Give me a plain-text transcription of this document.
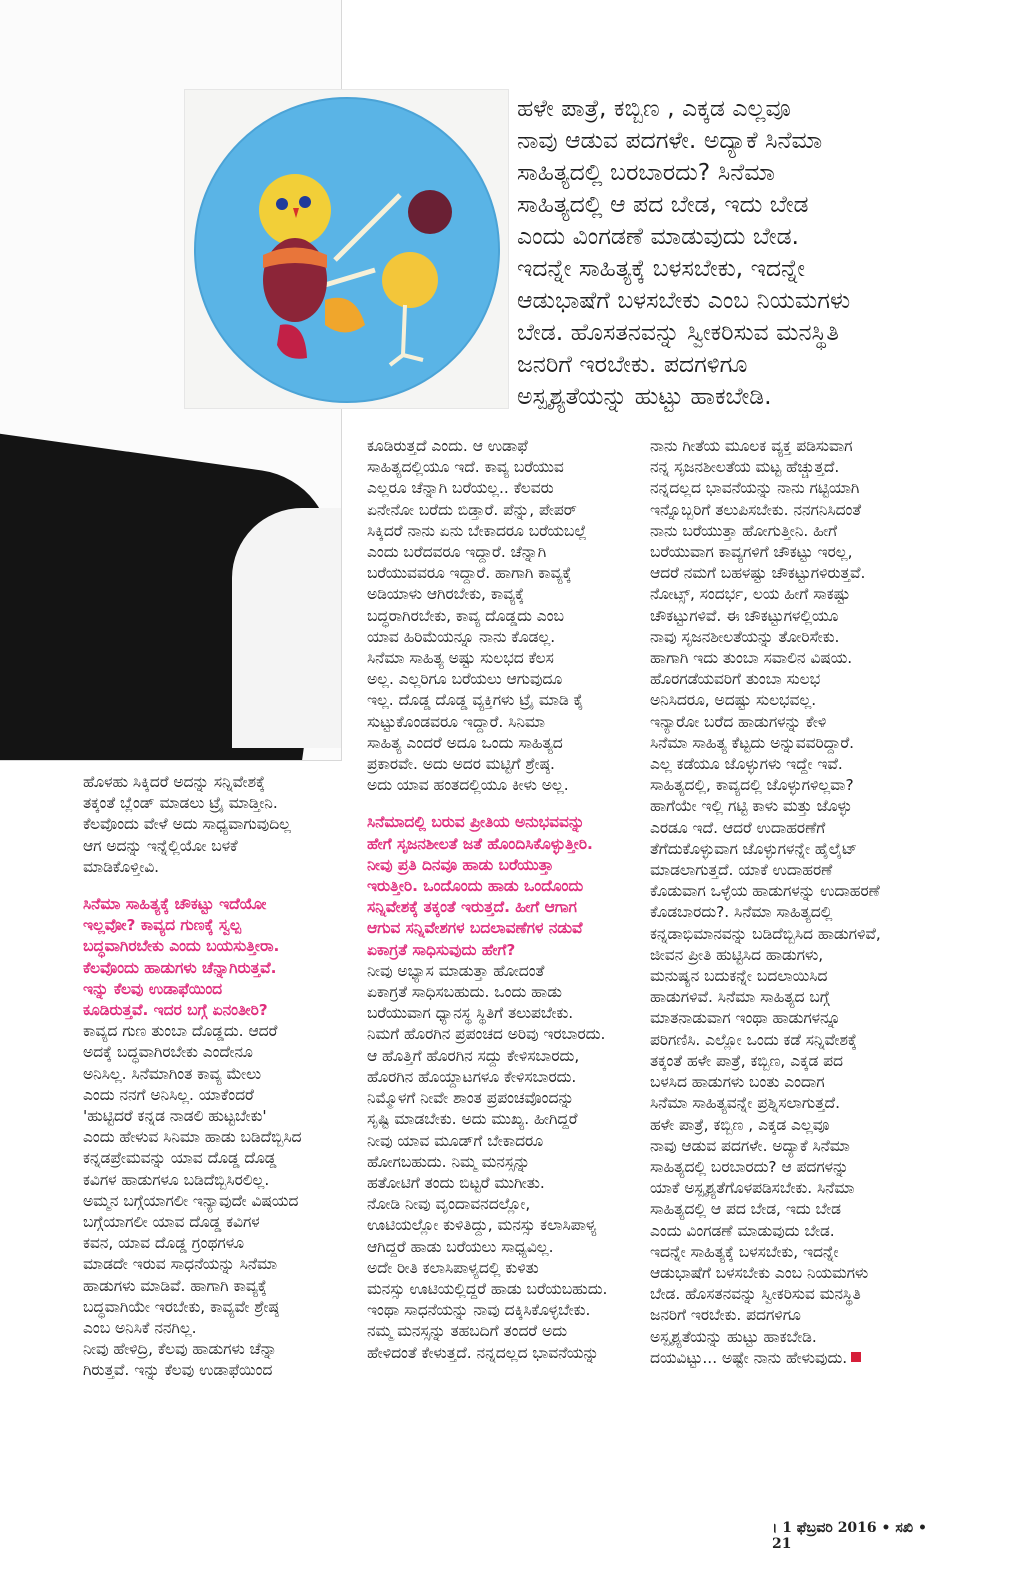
ಹಳೇ ಪಾತ್ರೆ, ಕಬ್ಬಿಣ , ಎಕ್ಕಡ ಎಲ್ಲವೂ
ನಾವು ಆಡುವ ಪದಗಳೇ. ಅದ್ಯಾಕೆ ಸಿನೆಮಾ
ಸಾಹಿತ್ಯದಲ್ಲಿ ಬರಬಾರದು? ಸಿನೆಮಾ
ಸಾಹಿತ್ಯದಲ್ಲಿ ಆ ಪದ ಬೇಡ, ಇದು ಬೇಡ
ಎಂದು ವಿಂಗಡಣೆ ಮಾಡುವುದು ಬೇಡ.
ಇದನ್ನೇ ಸಾಹಿತ್ಯಕ್ಕೆ ಬಳಸಬೇಕು, ಇದನ್ನೇ
ಆಡುಭಾಷೆಗೆ ಬಳಸಬೇಕು ಎಂಬ ನಿಯಮಗಳು
ಬೇಡ. ಹೊಸತನವನ್ನು ಸ್ವೀಕರಿಸುವ ಮನಸ್ಥಿತಿ
ಜನರಿಗೆ ಇರಬೇಕು. ಪದಗಳಿಗೂ
ಅಸ್ಪೃಶ್ಯತೆಯನ್ನು ಹುಟ್ಟು ಹಾಕಬೇಡಿ.

ಹೊಳಹು ಸಿಕ್ಕಿದರೆ ಅದನ್ನು ಸನ್ನಿವೇಶಕ್ಕೆ
ತಕ್ಕಂತೆ ಬ್ಲೆಂಡ್ ಮಾಡಲು ಟ್ರೈ ಮಾಡ್ತೀನಿ.
ಕೆಲವೊಂದು ವೇಳೆ ಅದು ಸಾಧ್ಯವಾಗುವುದಿಲ್ಲ
ಆಗ ಅದನ್ನು ಇನ್ನೆಲ್ಲಿಯೋ ಬಳಕೆ
ಮಾಡಿಕೊಳ್ತೀವಿ.

ಸಿನೆಮಾ ಸಾಹಿತ್ಯಕ್ಕೆ ಚೌಕಟ್ಟು ಇದೆಯೋ
ಇಲ್ಲವೋ? ಕಾವ್ಯದ ಗುಣಕ್ಕೆ ಸ್ವಲ್ಪ
ಬದ್ಧವಾಗಿರಬೇಕು ಎಂದು ಬಯಸುತ್ತೀರಾ.
ಕೆಲವೊಂದು ಹಾಡುಗಳು ಚೆನ್ನಾಗಿರುತ್ತವೆ.
ಇನ್ನು ಕೆಲವು ಉಡಾಫೆಯಿಂದ
ಕೂಡಿರುತ್ತವೆ. ಇದರ ಬಗ್ಗೆ ಏನಂತೀರಿ?

ಕಾವ್ಯದ ಗುಣ ತುಂಬಾ ದೊಡ್ಡದು. ಆದರೆ
ಅದಕ್ಕೆ ಬದ್ಧವಾಗಿರಬೇಕು ಎಂದೇನೂ
ಅನಿಸಿಲ್ಲ. ಸಿನೆಮಾಗಿಂತ ಕಾವ್ಯ ಮೇಲು
ಎಂದು ನನಗೆ ಅನಿಸಿಲ್ಲ. ಯಾಕೆಂದರೆ
'ಹುಟ್ಟಿದರೆ ಕನ್ನಡ ನಾಡಲಿ ಹುಟ್ಟಬೇಕು'
ಎಂದು ಹೇಳುವ ಸಿನಿಮಾ ಹಾಡು ಬಡಿದೆಬ್ಬಿಸಿದ
ಕನ್ನಡಪ್ರೇಮವನ್ನು ಯಾವ ದೊಡ್ಡ ದೊಡ್ಡ
ಕವಿಗಳ ಹಾಡುಗಳೂ ಬಡಿದೆಬ್ಬಿಸಿರಲಿಲ್ಲ.
ಅಮ್ಮನ ಬಗ್ಗೆಯಾಗಲೀ ಇನ್ಯಾವುದೇ ವಿಷಯದ
ಬಗ್ಗೆಯಾಗಲೀ ಯಾವ ದೊಡ್ಡ ಕವಿಗಳ
ಕವನ, ಯಾವ ದೊಡ್ಡ ಗ್ರಂಥಗಳೂ
ಮಾಡದೇ ಇರುವ ಸಾಧನೆಯನ್ನು ಸಿನೆಮಾ
ಹಾಡುಗಳು ಮಾಡಿವೆ. ಹಾಗಾಗಿ ಕಾವ್ಯಕ್ಕೆ
ಬದ್ಧವಾಗಿಯೇ ಇರಬೇಕು, ಕಾವ್ಯವೇ ಶ್ರೇಷ್ಠ
ಎಂಬ ಅನಿಸಿಕೆ ನನಗಿಲ್ಲ.

ನೀವು ಹೇಳಿದ್ರಿ, ಕೆಲವು ಹಾಡುಗಳು ಚೆನ್ನಾ
ಗಿರುತ್ತವೆ. ಇನ್ನು ಕೆಲವು ಉಡಾಫೆಯಿಂದ

ಕೂಡಿರುತ್ತದೆ ಎಂದು. ಆ ಉಡಾಫೆ
ಸಾಹಿತ್ಯದಲ್ಲಿಯೂ ಇದೆ. ಕಾವ್ಯ ಬರೆಯುವ
ಎಲ್ಲರೂ ಚೆನ್ನಾಗಿ ಬರೆಯಲ್ಲ.. ಕೆಲವರು
ಏನೇನೋ ಬರೆದು ಬಿಡ್ತಾರೆ. ಪೆನ್ನು, ಪೇಪರ್
ಸಿಕ್ಕಿದರೆ ನಾನು ಏನು ಬೇಕಾದರೂ ಬರೆಯಬಲ್ಲೆ
ಎಂದು ಬರೆದವರೂ ಇದ್ದಾರೆ. ಚೆನ್ನಾಗಿ
ಬರೆಯುವವರೂ ಇದ್ದಾರೆ. ಹಾಗಾಗಿ ಕಾವ್ಯಕ್ಕೆ
ಅಡಿಯಾಳು ಆಗಿರಬೇಕು, ಕಾವ್ಯಕ್ಕೆ
ಬದ್ಧರಾಗಿರಬೇಕು, ಕಾವ್ಯ ದೊಡ್ಡದು ಎಂಬ
ಯಾವ ಹಿರಿಮೆಯನ್ನೂ ನಾನು ಕೊಡಲ್ಲ.
ಸಿನೆಮಾ ಸಾಹಿತ್ಯ ಅಷ್ಟು ಸುಲಭದ ಕೆಲಸ
ಅಲ್ಲ. ಎಲ್ಲರಿಗೂ ಬರೆಯಲು ಆಗುವುದೂ
ಇಲ್ಲ. ದೊಡ್ಡ ದೊಡ್ಡ ವ್ಯಕ್ತಿಗಳು ಟ್ರೈ ಮಾಡಿ ಕೈ
ಸುಟ್ಟುಕೊಂಡವರೂ ಇದ್ದಾರೆ. ಸಿನಿಮಾ
ಸಾಹಿತ್ಯ ಎಂದರೆ ಅದೂ ಒಂದು ಸಾಹಿತ್ಯದ
ಪ್ರಕಾರವೇ. ಅದು ಅದರ ಮಟ್ಟಿಗೆ ಶ್ರೇಷ್ಠ.
ಅದು ಯಾವ ಹಂತದಲ್ಲಿಯೂ ಕೀಳು ಅಲ್ಲ.

ಸಿನೆಮಾದಲ್ಲಿ ಬರುವ ಪ್ರೀತಿಯ ಅನುಭವವನ್ನು
ಹೇಗೆ ಸೃಜನಶೀಲತೆ ಜತೆ ಹೊಂದಿಸಿಕೊಳ್ಳುತ್ತೀರಿ.
ನೀವು ಪ್ರತಿ ದಿನವೂ ಹಾಡು ಬರೆಯುತ್ತಾ
ಇರುತ್ತೀರಿ. ಒಂದೊಂದು ಹಾಡು ಒಂದೊಂದು
ಸನ್ನಿವೇಶಕ್ಕೆ ತಕ್ಕಂತೆ ಇರುತ್ತದೆ. ಹೀಗೆ ಆಗಾಗ
ಆಗುವ ಸನ್ನಿವೇಶಗಳ ಬದಲಾವಣೆಗಳ ನಡುವೆ
ಏಕಾಗ್ರತೆ ಸಾಧಿಸುವುದು ಹೇಗೆ?

ನೀವು ಅಭ್ಯಾಸ ಮಾಡುತ್ತಾ ಹೋದಂತೆ
ಏಕಾಗ್ರತೆ ಸಾಧಿಸಬಹುದು. ಒಂದು ಹಾಡು
ಬರೆಯುವಾಗ ಧ್ಯಾನಸ್ಥ ಸ್ಥಿತಿಗೆ ತಲುಪಬೇಕು.
ನಿಮಗೆ ಹೊರಗಿನ ಪ್ರಪಂಚದ ಅರಿವು ಇರಬಾರದು.
ಆ ಹೊತ್ತಿಗೆ ಹೊರಗಿನ ಸದ್ದು ಕೇಳಿಸಬಾರದು,
ಹೊರಗಿನ ಹೊಯ್ದಾಟಗಳೂ ಕೇಳಿಸಬಾರದು.
ನಿಮ್ಮೊಳಗೆ ನೀವೇ ಶಾಂತ ಪ್ರಪಂಚವೊಂದನ್ನು
ಸೃಷ್ಟಿ ಮಾಡಬೇಕು. ಅದು ಮುಖ್ಯ. ಹೀಗಿದ್ದರೆ
ನೀವು ಯಾವ ಮೂಡ್‌ಗೆ ಬೇಕಾದರೂ
ಹೋಗಬಹುದು. ನಿಮ್ಮ ಮನಸ್ಸನ್ನು
ಹತೋಟಿಗೆ ತಂದು ಬಿಟ್ಟರೆ ಮುಗೀತು.
ನೋಡಿ ನೀವು ವೃಂದಾವನದಲ್ಲೋ,
ಊಟಿಯಲ್ಲೋ ಕುಳಿತಿದ್ದು, ಮನಸ್ಸು ಕಲಾಸಿಪಾಳ್ಯ
ಆಗಿದ್ದರೆ ಹಾಡು ಬರೆಯಲು ಸಾಧ್ಯವಿಲ್ಲ.
ಅದೇ ರೀತಿ ಕಲಾಸಿಪಾಳ್ಯದಲ್ಲಿ ಕುಳಿತು
ಮನಸ್ಸು ಊಟಿಯಲ್ಲಿದ್ದರೆ ಹಾಡು ಬರೆಯಬಹುದು.
ಇಂಥಾ ಸಾಧನೆಯನ್ನು ನಾವು ದಕ್ಕಿಸಿಕೊಳ್ಳಬೇಕು.
ನಮ್ಮ ಮನಸ್ಸನ್ನು ತಹಬದಿಗೆ ತಂದರೆ ಅದು
ಹೇಳಿದಂತೆ ಕೇಳುತ್ತದೆ. ನನ್ನದಲ್ಲದ ಭಾವನೆಯನ್ನು

ನಾನು ಗೀತೆಯ ಮೂಲಕ ವ್ಯಕ್ತ ಪಡಿಸುವಾಗ
ನನ್ನ ಸೃಜನಶೀಲತೆಯ ಮಟ್ಟ ಹೆಚ್ಚುತ್ತದೆ.
ನನ್ನದಲ್ಲದ ಭಾವನೆಯನ್ನು ನಾನು ಗಟ್ಟಿಯಾಗಿ
ಇನ್ನೊಬ್ಬರಿಗೆ ತಲುಪಿಸಬೇಕು. ನನಗನಿಸಿದಂತೆ
ನಾನು ಬರೆಯುತ್ತಾ ಹೋಗುತ್ತೀನಿ. ಹೀಗೆ
ಬರೆಯುವಾಗ ಕಾವ್ಯಗಳಿಗೆ ಚೌಕಟ್ಟು ಇರಲ್ಲ,
ಆದರೆ ನಮಗೆ ಬಹಳಷ್ಟು ಚೌಕಟ್ಟುಗಳಿರುತ್ತವೆ.
ನೋಟ್ಸ್, ಸಂದರ್ಭ, ಲಯ ಹೀಗೆ ಸಾಕಷ್ಟು
ಚೌಕಟ್ಟುಗಳಿವೆ. ಈ ಚೌಕಟ್ಟುಗಳಲ್ಲಿಯೂ
ನಾವು ಸೃಜನಶೀಲತೆಯನ್ನು ತೋರಿಸೇಕು.
ಹಾಗಾಗಿ ಇದು ತುಂಬಾ ಸವಾಲಿನ ವಿಷಯ.
ಹೊರಗಡೆಯವರಿಗೆ ತುಂಬಾ ಸುಲಭ
ಅನಿಸಿದರೂ, ಅದಷ್ಟು ಸುಲಭವಲ್ಲ.
ಇನ್ಯಾರೋ ಬರೆದ ಹಾಡುಗಳನ್ನು ಕೇಳಿ
ಸಿನೆಮಾ ಸಾಹಿತ್ಯ ಕೆಟ್ಟದು ಅನ್ನುವವರಿದ್ದಾರೆ.
ಎಲ್ಲ ಕಡೆಯೂ ಜೊಳ್ಳುಗಳು ಇದ್ದೇ ಇವೆ.
ಸಾಹಿತ್ಯದಲ್ಲಿ, ಕಾವ್ಯದಲ್ಲಿ ಜೊಳ್ಳುಗಳಿಲ್ಲವಾ?
ಹಾಗೆಯೇ ಇಲ್ಲಿ ಗಟ್ಟಿ ಕಾಳು ಮತ್ತು ಜೊಳ್ಳು
ಎರಡೂ ಇದೆ. ಆದರೆ ಉದಾಹರಣೆಗೆ
ತೆಗೆದುಕೊಳ್ಳುವಾಗ ಜೊಳ್ಳುಗಳನ್ನೇ ಹೈಲೈಟ್
ಮಾಡಲಾಗುತ್ತದೆ. ಯಾಕೆ ಉದಾಹರಣೆ
ಕೊಡುವಾಗ ಒಳ್ಳೆಯ ಹಾಡುಗಳನ್ನು ಉದಾಹರಣೆ
ಕೊಡಬಾರದು?. ಸಿನೆಮಾ ಸಾಹಿತ್ಯದಲ್ಲಿ
ಕನ್ನಡಾಭಿಮಾನವನ್ನು ಬಡಿದೆಬ್ಬಿಸಿದ ಹಾಡುಗಳಿವೆ,
ಜೀವನ ಪ್ರೀತಿ ಹುಟ್ಟಿಸಿದ ಹಾಡುಗಳು,
ಮನುಷ್ಯನ ಬದುಕನ್ನೇ ಬದಲಾಯಿಸಿದ
ಹಾಡುಗಳಿವೆ. ಸಿನೆಮಾ ಸಾಹಿತ್ಯದ ಬಗ್ಗೆ
ಮಾತನಾಡುವಾಗ ಇಂಥಾ ಹಾಡುಗಳನ್ನೂ
ಪರಿಗಣಿಸಿ. ಎಲ್ಲೋ ಒಂದು ಕಡೆ ಸನ್ನಿವೇಶಕ್ಕೆ
ತಕ್ಕಂತೆ ಹಳೇ ಪಾತ್ರೆ, ಕಬ್ಬಿಣ, ಎಕ್ಕಡ ಪದ
ಬಳಸಿದ ಹಾಡುಗಳು ಬಂತು ಎಂದಾಗ
ಸಿನೆಮಾ ಸಾಹಿತ್ಯವನ್ನೇ ಪ್ರಶ್ನಿಸಲಾಗುತ್ತದೆ.
ಹಳೇ ಪಾತ್ರೆ, ಕಬ್ಬಿಣ , ಎಕ್ಕಡ ಎಲ್ಲವೂ
ನಾವು ಆಡುವ ಪದಗಳೇ. ಅದ್ಯಾಕೆ ಸಿನೆಮಾ
ಸಾಹಿತ್ಯದಲ್ಲಿ ಬರಬಾರದು? ಆ ಪದಗಳನ್ನು
ಯಾಕೆ ಅಸ್ಪೃಶ್ಯತೆಗೊಳಪಡಿಸಬೇಕು. ಸಿನೆಮಾ
ಸಾಹಿತ್ಯದಲ್ಲಿ ಆ ಪದ ಬೇಡ, ಇದು ಬೇಡ
ಎಂದು ವಿಂಗಡಣೆ ಮಾಡುವುದು ಬೇಡ.
ಇದನ್ನೇ ಸಾಹಿತ್ಯಕ್ಕೆ ಬಳಸಬೇಕು, ಇದನ್ನೇ
ಆಡುಭಾಷೆಗೆ ಬಳಸಬೇಕು ಎಂಬ ನಿಯಮಗಳು
ಬೇಡ. ಹೊಸತನವನ್ನು ಸ್ವೀಕರಿಸುವ ಮನಸ್ಥಿತಿ
ಜನರಿಗೆ ಇರಬೇಕು. ಪದಗಳಿಗೂ
ಅಸ್ಪೃಶ್ಯತೆಯನ್ನು ಹುಟ್ಟು ಹಾಕಬೇಡಿ.
ದಯವಿಟ್ಟು... ಅಷ್ಟೇ ನಾನು ಹೇಳುವುದು.

। 1 ಫೆಬ್ರವರಿ 2016 • ಸಖಿ • 21
